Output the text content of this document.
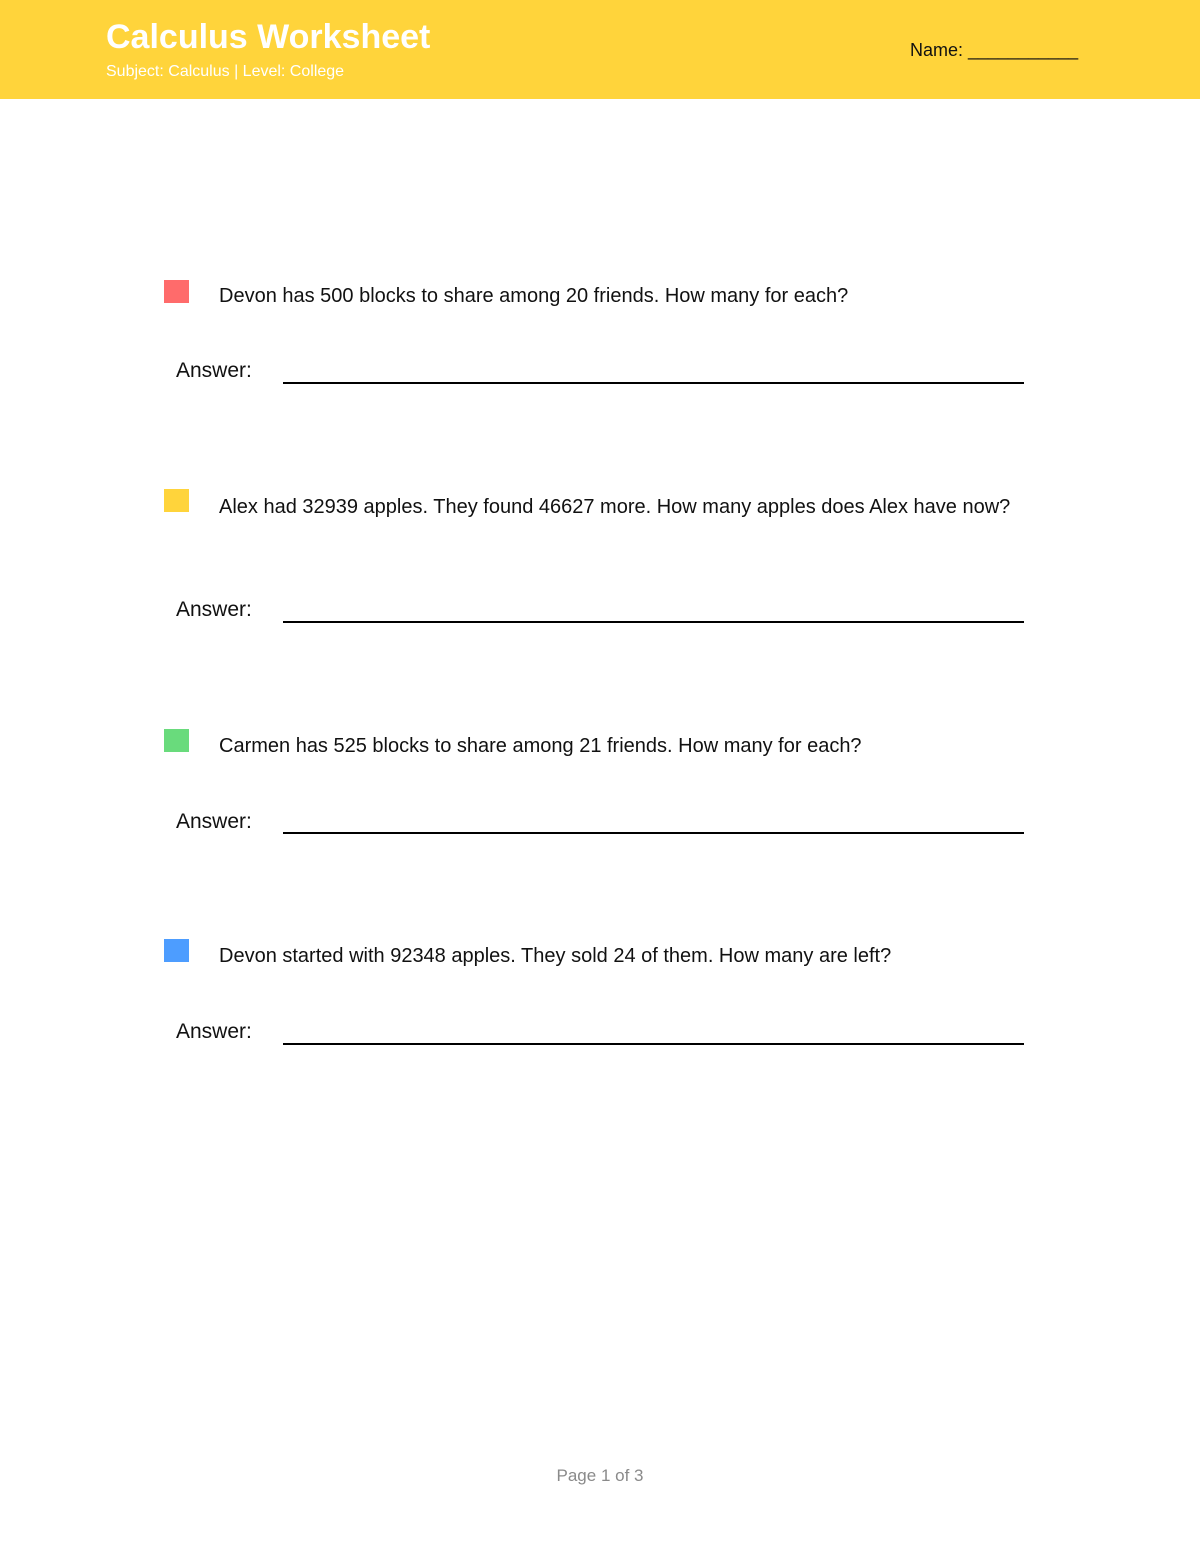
Calculus Worksheet
Subject: Calculus | Level: College
Name: ___________
Devon has 500 blocks to share among 20 friends. How many for each?
Answer:
Alex had 32939 apples. They found 46627 more. How many apples does Alex have now?
Answer:
Carmen has 525 blocks to share among 21 friends. How many for each?
Answer:
Devon started with 92348 apples. They sold 24 of them. How many are left?
Answer:
Page 1 of 3
